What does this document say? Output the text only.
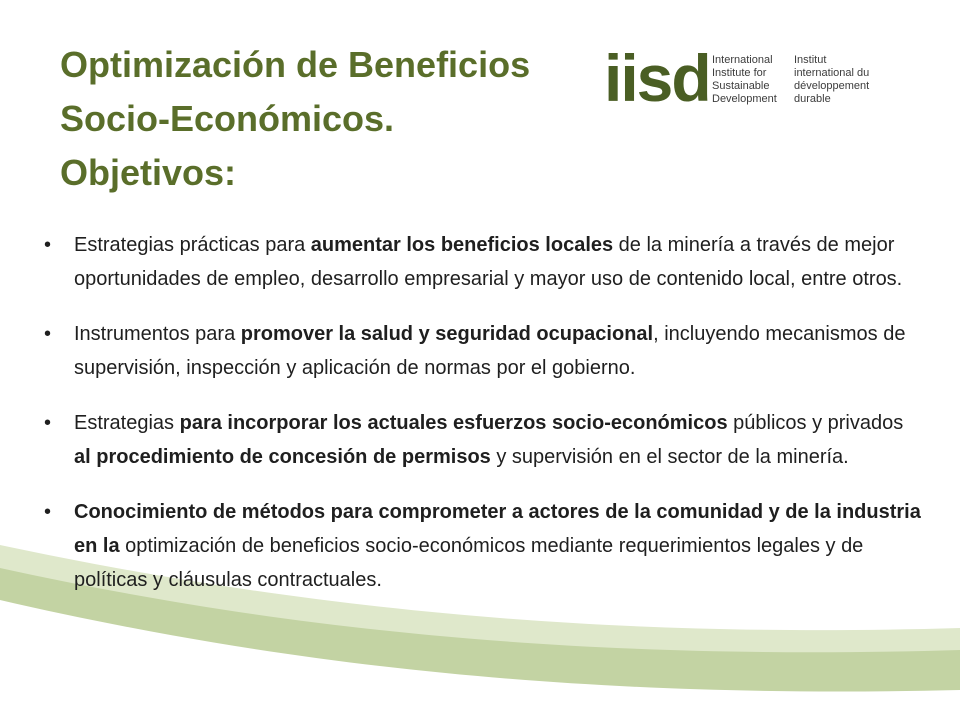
Optimización de Beneficios
Socio-Económicos.
Objetivos:
iisd International
Institute for
Sustainable
Development
Institut
international du
développement
durable
• Estrategias prácticas para aumentar los beneficios locales de la minería a través de mejor oportunidades de empleo, desarrollo empresarial y mayor uso de contenido local, entre otros.
• Instrumentos para promover la salud y seguridad ocupacional, incluyendo mecanismos de supervisión, inspección y aplicación de normas por el gobierno.
• Estrategias para incorporar los actuales esfuerzos socio-económicos públicos y privados al procedimiento de concesión de permisos y supervisión en el sector de la minería.
• Conocimiento de métodos para comprometer a actores de la comunidad y de la industria en la optimización de beneficios socio-económicos mediante requerimientos legales y de políticas y cláusulas contractuales.
